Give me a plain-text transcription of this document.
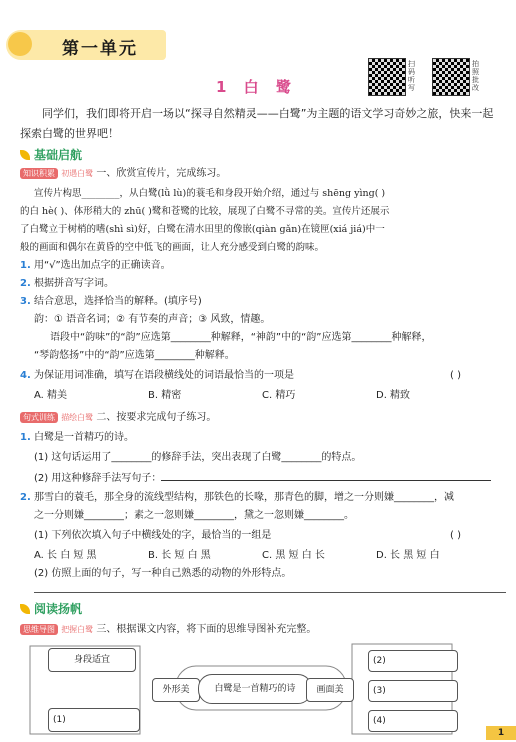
第一单元
1 白 鹭
扫码听写
拍照批改
同学们，我们即将开启一场以“探寻自然精灵——白鹭”为主题的语文学习奇妙之旅，快来一起探索白鹭的世界吧！
基础启航
知识积累 初遇白鹭 一、欣赏宣传片，完成练习。
宣传片构思________，从白鹭(lǜ lù)的蓑毛和身段开始介绍，通过与 shēng yìng( )
的白 hè( )、体形稍大的 zhū( )鹭和苍鹭的比较，展现了白鹭不寻常的美。宣传片还展示
了白鹭立于树梢的嗜(shì sì)好，白鹭在清水田里的像嵌(qiàn gǎn)在镜匣(xiá jiá)中一
般的画面和偶尔在黄昏的空中低飞的画面，让人充分感受到白鹭的韵味。
1. 用“√”选出加点字的正确读音。
2. 根据拼音写字词。
3. 结合意思，选择恰当的解释。(填序号)
韵：① 语音名词；② 有节奏的声音；③ 风致，情趣。
语段中“韵味”的“韵”应选第________种解释，“神韵”中的“韵”应选第________种解释，
“琴韵悠扬”中的“韵”应选第________种解释。
4. 为保证用词准确，填写在语段横线处的词语最恰当的一项是	( )
A. 精美	B. 精密	C. 精巧	D. 精致
句式训练 描绘白鹭 二、按要求完成句子练习。
1. 白鹭是一首精巧的诗。
(1) 这句话运用了________的修辞手法，突出表现了白鹭________的特点。
(2) 用这种修辞手法写句子：
2. 那雪白的蓑毛，那全身的流线型结构，那铁色的长喙，那青色的脚，增之一分则嫌________，减
之一分则嫌________；素之一忽则嫌________，黛之一忽则嫌________。
(1) 下列依次填入句子中横线处的字，最恰当的一组是	( )
A. 长 白 短 黑	B. 长 短 白 黑	C. 黑 短 白 长	D. 长 黑 短 白
(2) 仿照上面的句子，写一种自己熟悉的动物的外形特点。
阅读扬帆
思维导图 把握白鹭 三、根据课文内容，将下面的思维导图补充完整。
身段适宜
(1)
外形美	白鹭是一首精巧的诗	画面美
(2)
(3)
(4)
1
